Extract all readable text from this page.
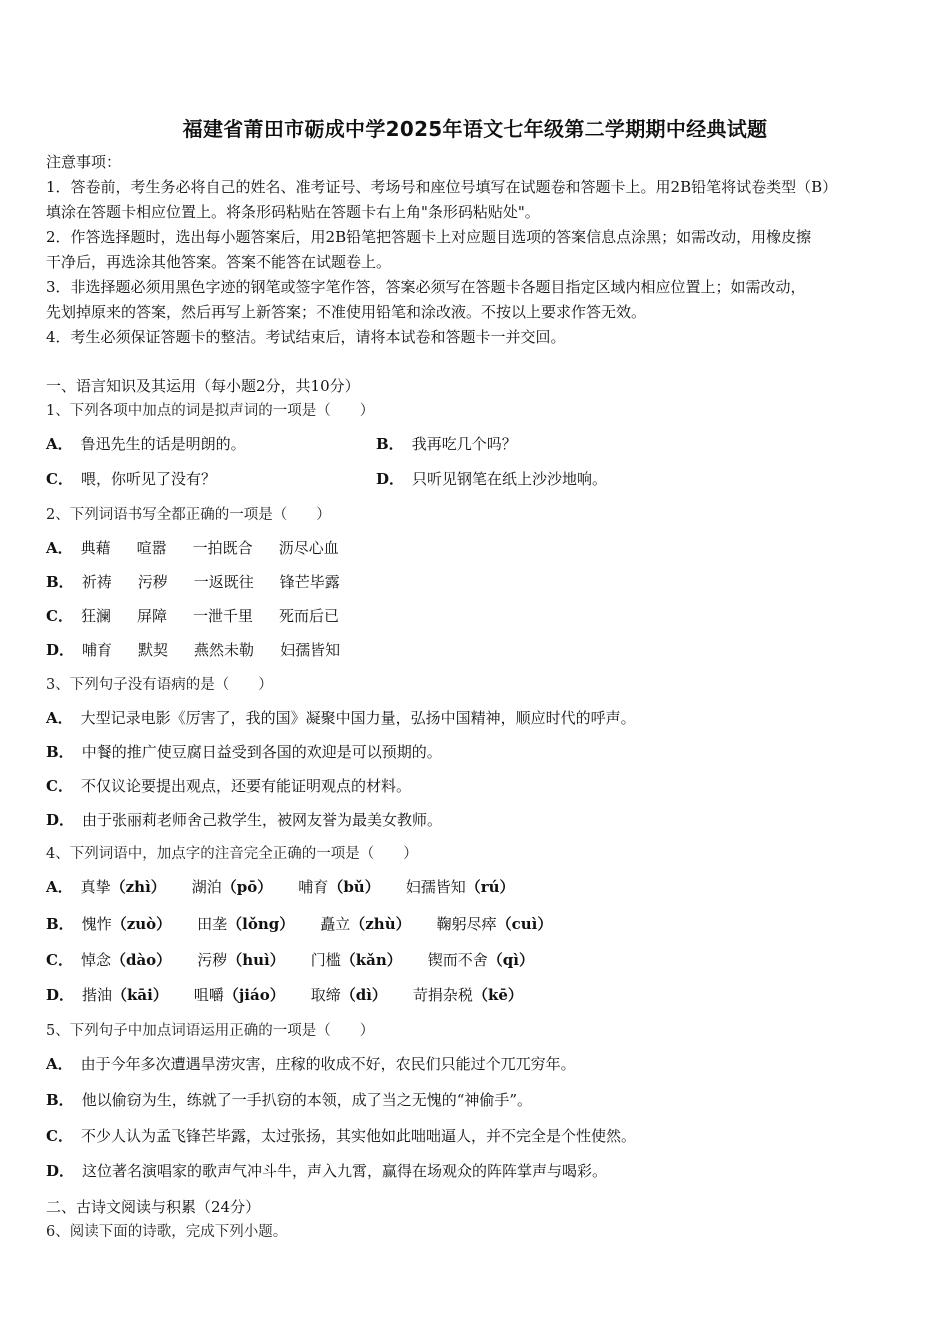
福建省莆田市砺成中学2025年语文七年级第二学期期中经典试题
注意事项：
1．答卷前，考生务必将自己的姓名、准考证号、考场号和座位号填写在试题卷和答题卡上。用2B铅笔将试卷类型（B）
填涂在答题卡相应位置上。将条形码粘贴在答题卡右上角"条形码粘贴处"。
2．作答选择题时，选出每小题答案后，用2B铅笔把答题卡上对应题目选项的答案信息点涂黑；如需改动，用橡皮擦
干净后，再选涂其他答案。答案不能答在试题卷上。
3．非选择题必须用黑色字迹的钢笔或签字笔作答，答案必须写在答题卡各题目指定区域内相应位置上；如需改动，
先划掉原来的答案，然后再写上新答案；不准使用铅笔和涂改液。不按以上要求作答无效。
4．考生必须保证答题卡的整洁。考试结束后，请将本试卷和答题卡一并交回。
一、语言知识及其运用（每小题2分，共10分）
1、下列各项中加点的词是拟声词的一项是（　　）
A． 鲁迅先生的话是明朗的。	B． 我再吃几个吗？
C． 喂，你听见了没有？	D． 只听见钢笔在纸上沙沙地响。
2、下列词语书写全都正确的一项是（　　）
A． 典藉 喧嚣 一拍既合 沥尽心血
B． 祈祷 污秽 一返既往 锋芒毕露
C． 狂澜 屏障 一泄千里 死而后已
D． 哺育 默契 燕然未勒 妇孺皆知
3、下列句子没有语病的是（　　）
A． 大型记录电影《厉害了，我的国》凝聚中国力量，弘扬中国精神，顺应时代的呼声。
B． 中餐的推广使豆腐日益受到各国的欢迎是可以预期的。
C． 不仅议论要提出观点，还要有能证明观点的材料。
D． 由于张丽莉老师舍己救学生，被网友誉为最美女教师。
4、下列词语中，加点字的注音完全正确的一项是（　　）
A． 真挚（zhì） 湖泊（pō） 哺育（bǔ） 妇孺皆知（rú）
B． 愧怍（zuò） 田垄（lǒng） 矗立（zhù） 鞠躬尽瘁（cuì）
C． 悼念（dào） 污秽（huì） 门槛（kǎn） 锲而不舍（qì）
D． 揩油（kāi） 咀嚼（jiáo） 取缔（dì） 苛捐杂税（kē）
5、下列句子中加点词语运用正确的一项是（　　）
A． 由于今年多次遭遇旱涝灾害，庄稼的收成不好，农民们只能过个兀兀穷年。
B． 他以偷窃为生，练就了一手扒窃的本领，成了当之无愧的“神偷手”。
C． 不少人认为孟飞锋芒毕露，太过张扬，其实他如此咄咄逼人，并不完全是个性使然。
D． 这位著名演唱家的歌声气冲斗牛，声入九霄，赢得在场观众的阵阵掌声与喝彩。
二、古诗文阅读与积累（24分）
6、阅读下面的诗歌，完成下列小题。
